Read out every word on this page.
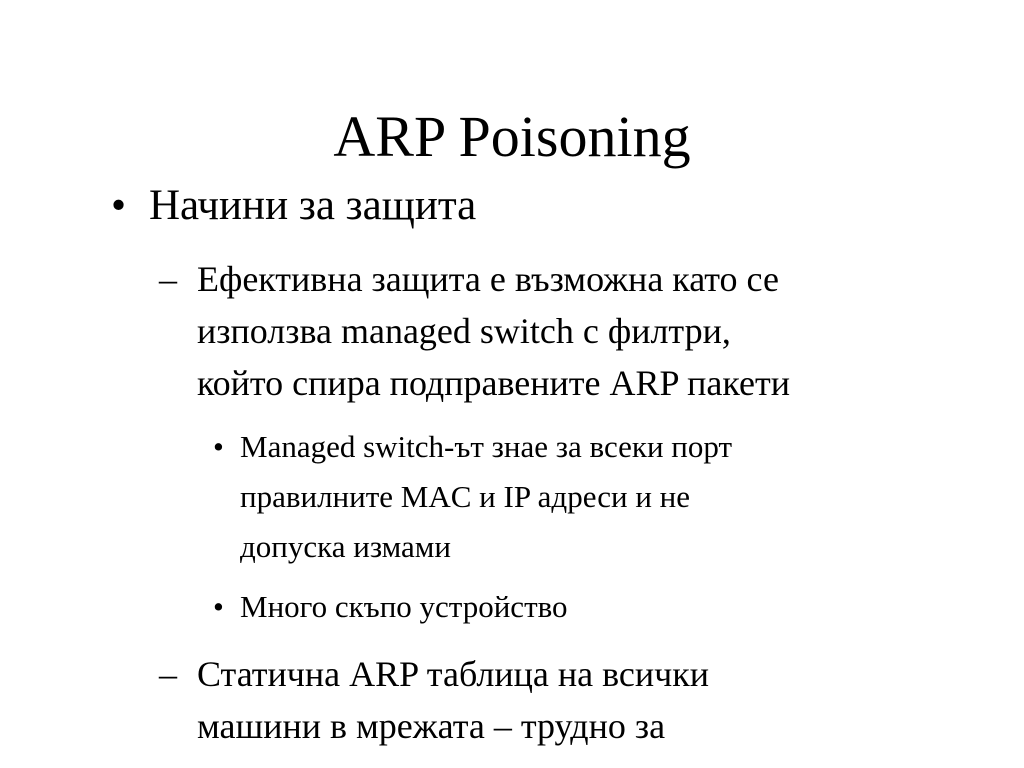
ARP Poisoning
• Начини за защита
– Ефективна защита е възможна като се
използва managed switch с филтри,
който спира подправените ARP пакети
• Managed switch-ът знае за всеки порт
правилните MAC и IP адреси и не
допуска измами
• Много скъпо устройство
– Статична ARP таблица на всички
машини в мрежата – трудно за
